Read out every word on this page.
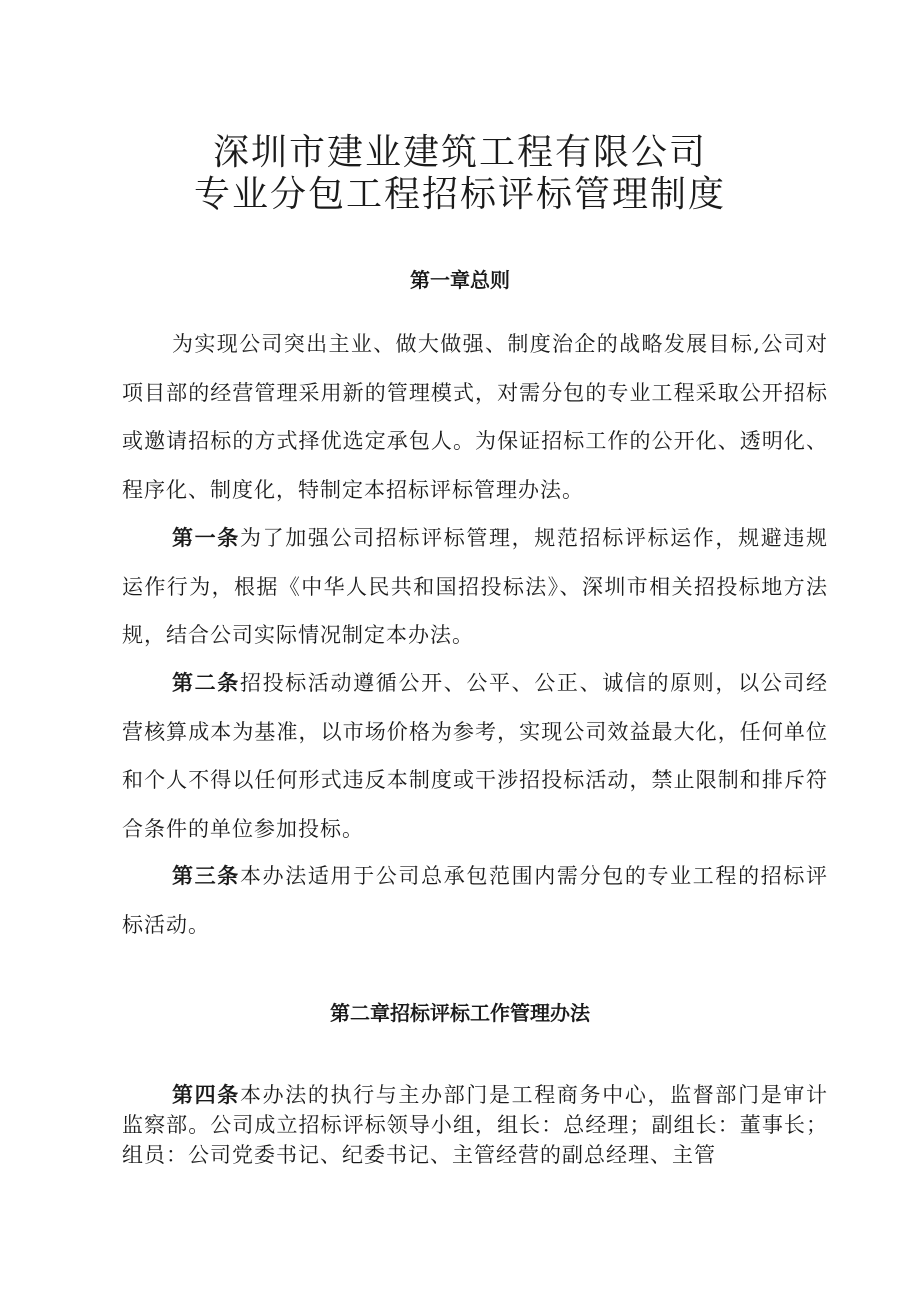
深圳市建业建筑工程有限公司
专业分包工程招标评标管理制度
第一章总则

为实现公司突出主业、做大做强、制度治企的战略发展目标,公司对项目部的经营管理采用新的管理模式，对需分包的专业工程采取公开招标或邀请招标的方式择优选定承包人。为保证招标工作的公开化、透明化、程序化、制度化，特制定本招标评标管理办法。

第一条为了加强公司招标评标管理，规范招标评标运作，规避违规运作行为，根据《中华人民共和国招投标法》、深圳市相关招投标地方法规，结合公司实际情况制定本办法。

第二条招投标活动遵循公开、公平、公正、诚信的原则，以公司经营核算成本为基准，以市场价格为参考，实现公司效益最大化，任何单位和个人不得以任何形式违反本制度或干涉招投标活动，禁止限制和排斥符合条件的单位参加投标。

第三条本办法适用于公司总承包范围内需分包的专业工程的招标评标活动。

第二章招标评标工作管理办法

第四条本办法的执行与主办部门是工程商务中心，监督部门是审计监察部。公司成立招标评标领导小组，组长：总经理；副组长：董事长；组员：公司党委书记、纪委书记、主管经营的副总经理、主管
